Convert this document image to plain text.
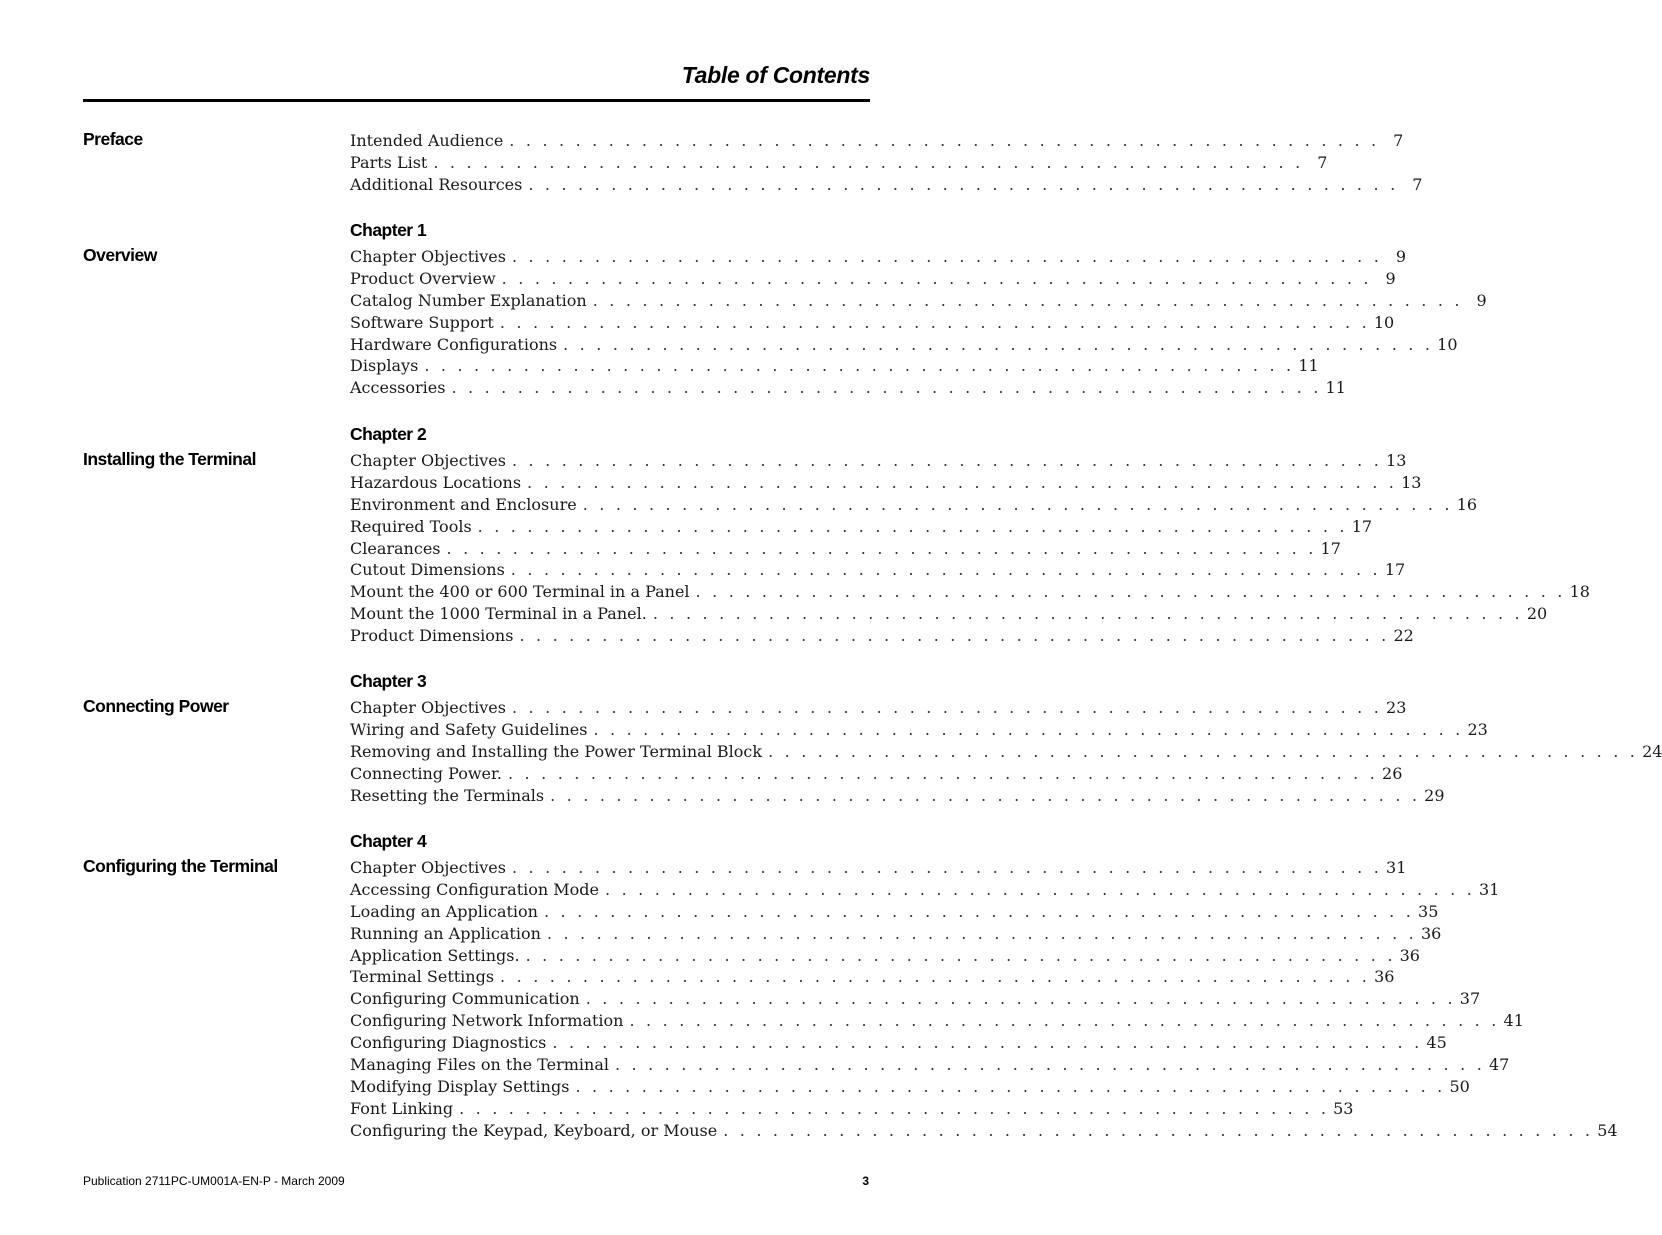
Table of Contents
Preface	Intended Audience . . . . . . . . . . . . . . . . . . . . . . . . . . . . . . . . . . . . . . . . . . . . . . . . . . . . . 7
Parts List . . . . . . . . . . . . . . . . . . . . . . . . . . . . . . . . . . . . . . . . . . . . . . . . . . . . . 7
Additional Resources . . . . . . . . . . . . . . . . . . . . . . . . . . . . . . . . . . . . . . . . . . . . . . . . . . . . . 7
Chapter 1
Overview	Chapter Objectives . . . . . . . . . . . . . . . . . . . . . . . . . . . . . . . . . . . . . . . . . . . . . . . . . . . . . 9
Product Overview . . . . . . . . . . . . . . . . . . . . . . . . . . . . . . . . . . . . . . . . . . . . . . . . . . . . . 9
Catalog Number Explanation . . . . . . . . . . . . . . . . . . . . . . . . . . . . . . . . . . . . . . . . . . . . . . . . . . . . . 9
Software Support . . . . . . . . . . . . . . . . . . . . . . . . . . . . . . . . . . . . . . . . . . . . . . . . . . . . . 10
Hardware Configurations . . . . . . . . . . . . . . . . . . . . . . . . . . . . . . . . . . . . . . . . . . . . . . . . . . . . . 10
Displays . . . . . . . . . . . . . . . . . . . . . . . . . . . . . . . . . . . . . . . . . . . . . . . . . . . . . 11
Accessories . . . . . . . . . . . . . . . . . . . . . . . . . . . . . . . . . . . . . . . . . . . . . . . . . . . . . 11
Chapter 2
Installing the Terminal	Chapter Objectives . . . . . . . . . . . . . . . . . . . . . . . . . . . . . . . . . . . . . . . . . . . . . . . . . . . . . 13
Hazardous Locations . . . . . . . . . . . . . . . . . . . . . . . . . . . . . . . . . . . . . . . . . . . . . . . . . . . . . 13
Environment and Enclosure . . . . . . . . . . . . . . . . . . . . . . . . . . . . . . . . . . . . . . . . . . . . . . . . . . . . . 16
Required Tools . . . . . . . . . . . . . . . . . . . . . . . . . . . . . . . . . . . . . . . . . . . . . . . . . . . . . 17
Clearances . . . . . . . . . . . . . . . . . . . . . . . . . . . . . . . . . . . . . . . . . . . . . . . . . . . . . 17
Cutout Dimensions . . . . . . . . . . . . . . . . . . . . . . . . . . . . . . . . . . . . . . . . . . . . . . . . . . . . . 17
Mount the 400 or 600 Terminal in a Panel . . . . . . . . . . . . . . . . . . . . . . . . . . . . . . . . . . . . . . . . . . . . . . . . . . . . . 18
Mount the 1000 Terminal in a Panel. . . . . . . . . . . . . . . . . . . . . . . . . . . . . . . . . . . . . . . . . . . . . . . . . . . . . . 20
Product Dimensions . . . . . . . . . . . . . . . . . . . . . . . . . . . . . . . . . . . . . . . . . . . . . . . . . . . . . 22
Chapter 3
Connecting Power	Chapter Objectives . . . . . . . . . . . . . . . . . . . . . . . . . . . . . . . . . . . . . . . . . . . . . . . . . . . . . 23
Wiring and Safety Guidelines . . . . . . . . . . . . . . . . . . . . . . . . . . . . . . . . . . . . . . . . . . . . . . . . . . . . . 23
Removing and Installing the Power Terminal Block . . . . . . . . . . . . . . . . . . . . . . . . . . . . . . . . . . . . . . . . . . . . . . . . . . . . . 24
Connecting Power. . . . . . . . . . . . . . . . . . . . . . . . . . . . . . . . . . . . . . . . . . . . . . . . . . . . . . 26
Resetting the Terminals . . . . . . . . . . . . . . . . . . . . . . . . . . . . . . . . . . . . . . . . . . . . . . . . . . . . . 29
Chapter 4
Configuring the Terminal	Chapter Objectives . . . . . . . . . . . . . . . . . . . . . . . . . . . . . . . . . . . . . . . . . . . . . . . . . . . . . 31
Accessing Configuration Mode . . . . . . . . . . . . . . . . . . . . . . . . . . . . . . . . . . . . . . . . . . . . . . . . . . . . . 31
Loading an Application . . . . . . . . . . . . . . . . . . . . . . . . . . . . . . . . . . . . . . . . . . . . . . . . . . . . . 35
Running an Application . . . . . . . . . . . . . . . . . . . . . . . . . . . . . . . . . . . . . . . . . . . . . . . . . . . . . 36
Application Settings. . . . . . . . . . . . . . . . . . . . . . . . . . . . . . . . . . . . . . . . . . . . . . . . . . . . . . 36
Terminal Settings . . . . . . . . . . . . . . . . . . . . . . . . . . . . . . . . . . . . . . . . . . . . . . . . . . . . . 36
Configuring Communication . . . . . . . . . . . . . . . . . . . . . . . . . . . . . . . . . . . . . . . . . . . . . . . . . . . . . 37
Configuring Network Information . . . . . . . . . . . . . . . . . . . . . . . . . . . . . . . . . . . . . . . . . . . . . . . . . . . . . 41
Configuring Diagnostics . . . . . . . . . . . . . . . . . . . . . . . . . . . . . . . . . . . . . . . . . . . . . . . . . . . . . 45
Managing Files on the Terminal . . . . . . . . . . . . . . . . . . . . . . . . . . . . . . . . . . . . . . . . . . . . . . . . . . . . . 47
Modifying Display Settings . . . . . . . . . . . . . . . . . . . . . . . . . . . . . . . . . . . . . . . . . . . . . . . . . . . . . 50
Font Linking . . . . . . . . . . . . . . . . . . . . . . . . . . . . . . . . . . . . . . . . . . . . . . . . . . . . . 53
Configuring the Keypad, Keyboard, or Mouse . . . . . . . . . . . . . . . . . . . . . . . . . . . . . . . . . . . . . . . . . . . . . . . . . . . . . 54
Publication 2711PC-UM001A-EN-P - March 2009	3
